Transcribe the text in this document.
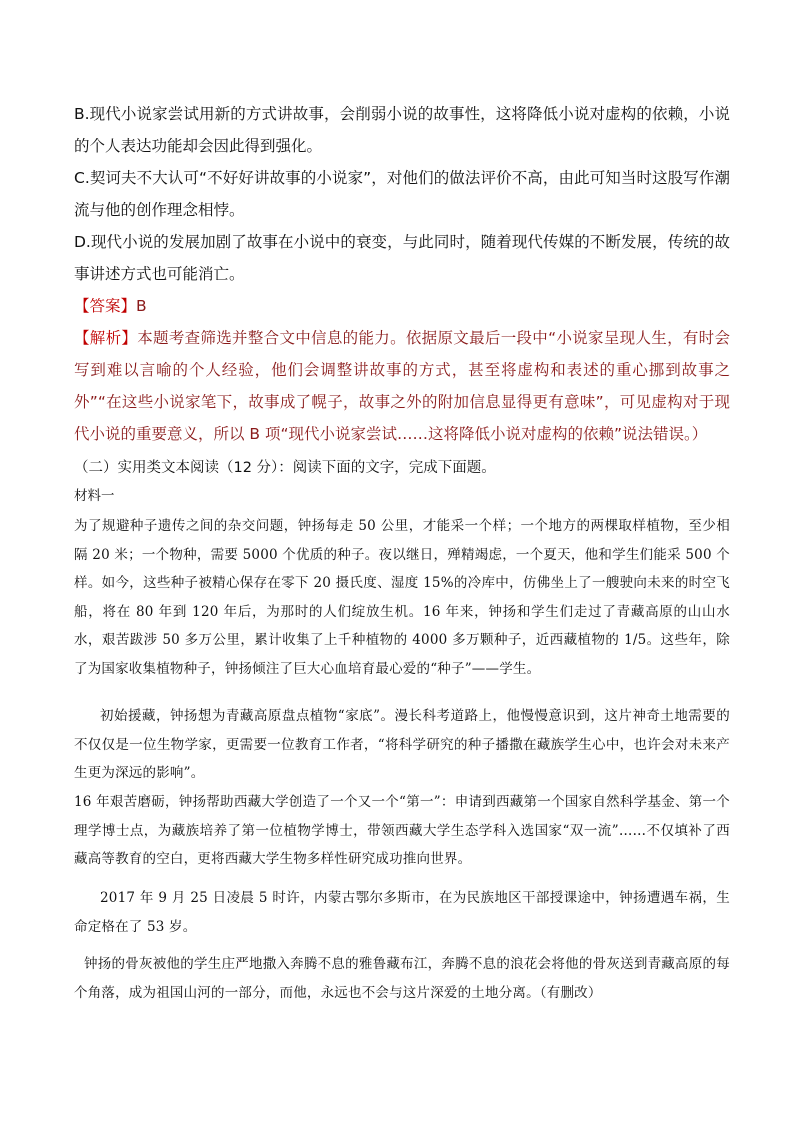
B.现代小说家尝试用新的方式讲故事，会削弱小说的故事性，这将降低小说对虚构的依赖，小说的个人表达功能却会因此得到强化。

C.契诃夫不大认可“不好好讲故事的小说家”，对他们的做法评价不高，由此可知当时这股写作潮流与他的创作理念相悖。

D.现代小说的发展加剧了故事在小说中的衰变，与此同时，随着现代传媒的不断发展，传统的故事讲述方式也可能消亡。

【答案】B

【解析】本题考查筛选并整合文中信息的能力。依据原文最后一段中“小说家呈现人生，有时会写到难以言喻的个人经验，他们会调整讲故事的方式，甚至将虚构和表述的重心挪到故事之外”“在这些小说家笔下，故事成了幌子，故事之外的附加信息显得更有意味”，可见虚构对于现代小说的重要意义，所以 B 项“现代小说家尝试……这将降低小说对虚构的依赖”说法错误。）

（二）实用类文本阅读（12 分）：阅读下面的文字，完成下面题。

材料一

为了规避种子遗传之间的杂交问题，钟扬每走 50 公里，才能采一个样；一个地方的两棵取样植物，至少相隔 20 米；一个物种，需要 5000 个优质的种子。夜以继日，殚精竭虑，一个夏天，他和学生们能采 500 个样。如今，这些种子被精心保存在零下 20 摄氏度、湿度 15%的冷库中，仿佛坐上了一艘驶向未来的时空飞船，将在 80 年到 120 年后，为那时的人们绽放生机。16 年来，钟扬和学生们走过了青藏高原的山山水水，艰苦跋涉 50 多万公里，累计收集了上千种植物的 4000 多万颗种子，近西藏植物的 1/5。这些年，除了为国家收集植物种子，钟扬倾注了巨大心血培育最心爱的“种子”——学生。

初始援藏，钟扬想为青藏高原盘点植物“家底”。漫长科考道路上，他慢慢意识到，这片神奇土地需要的不仅仅是一位生物学家，更需要一位教育工作者，“将科学研究的种子播撒在藏族学生心中，也许会对未来产生更为深远的影响”。

16 年艰苦磨砺，钟扬帮助西藏大学创造了一个又一个“第一”：申请到西藏第一个国家自然科学基金、第一个理学博士点，为藏族培养了第一位植物学博士，带领西藏大学生态学科入选国家“双一流”……不仅填补了西藏高等教育的空白，更将西藏大学生物多样性研究成功推向世界。

2017 年 9 月 25 日凌晨 5 时许，内蒙古鄂尔多斯市，在为民族地区干部授课途中，钟扬遭遇车祸，生命定格在了 53 岁。

钟扬的骨灰被他的学生庄严地撒入奔腾不息的雅鲁藏布江，奔腾不息的浪花会将他的骨灰送到青藏高原的每个角落，成为祖国山河的一部分，而他，永远也不会与这片深爱的土地分离。（有删改）
